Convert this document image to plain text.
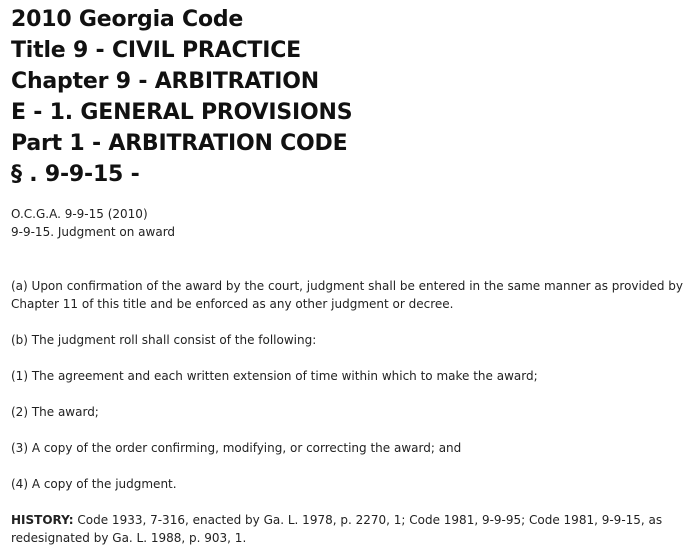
2010 Georgia Code
Title 9 - CIVIL PRACTICE
Chapter 9 - ARBITRATION
E - 1. GENERAL PROVISIONS
Part 1 - ARBITRATION CODE
§ . 9-9-15 -
O.C.G.A. 9-9-15 (2010)
9-9-15. Judgment on award

(a) Upon confirmation of the award by the court, judgment shall be entered in the same manner as provided by Chapter 11 of this title and be enforced as any other judgment or decree.

(b) The judgment roll shall consist of the following:

(1) The agreement and each written extension of time within which to make the award;

(2) The award;

(3) A copy of the order confirming, modifying, or correcting the award; and

(4) A copy of the judgment.

HISTORY: Code 1933, 7-316, enacted by Ga. L. 1978, p. 2270, 1; Code 1981, 9-9-95; Code 1981, 9-9-15, as redesignated by Ga. L. 1988, p. 903, 1.
